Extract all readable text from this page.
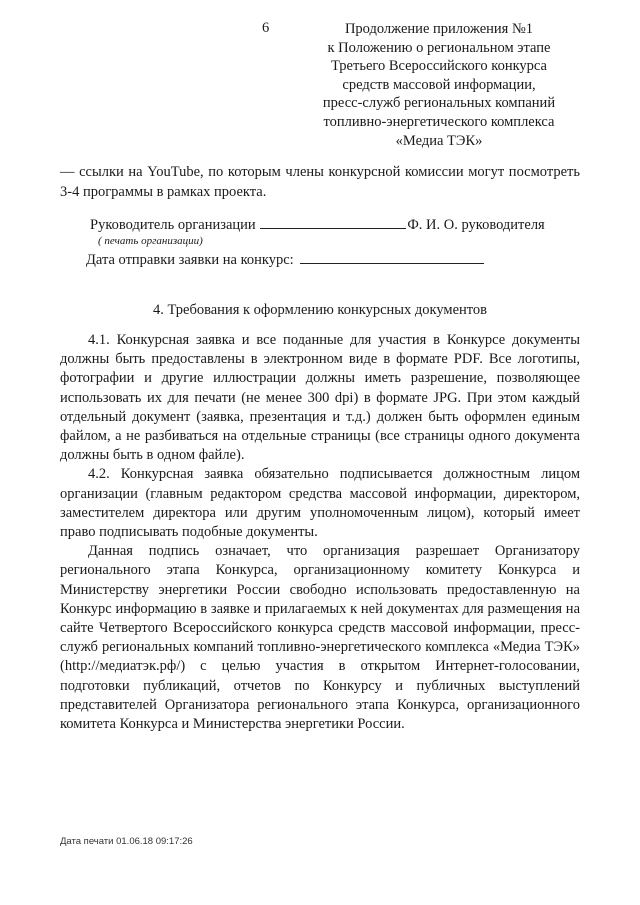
6	Продолжение приложения №1
к Положению о региональном этапе
Третьего Всероссийского конкурса
средств массовой информации,
пресс-служб региональных компаний
топливно-энергетического комплекса
«Медиа ТЭК»
— ссылки на YouTube, по которым члены конкурсной комиссии могут посмотреть 3-4 программы в рамках проекта.
Руководитель организации	Ф. И. О. руководителя
( печать организации)
Дата отправки заявки на конкурс:
4. Требования к оформлению конкурсных документов

4.1. Конкурсная заявка и все поданные для участия в Конкурсе документы должны быть предоставлены в электронном виде в формате PDF. Все логотипы, фотографии и другие иллюстрации должны иметь разрешение, позволяющее использовать их для печати (не менее 300 dpi) в формате JPG. При этом каждый отдельный документ (заявка, презентация и т.д.) должен быть оформлен единым файлом, а не разбиваться на отдельные страницы (все страницы одного документа должны быть в одном файле).

4.2. Конкурсная заявка обязательно подписывается должностным лицом организации (главным редактором средства массовой информации, директором, заместителем директора или другим уполномоченным лицом), который имеет право подписывать подобные документы.

Данная подпись означает, что организация разрешает Организатору регионального этапа Конкурса, организационному комитету Конкурса и Министерству энергетики России свободно использовать предоставленную на Конкурс информацию в заявке и прилагаемых к ней документах для размещения на сайте Четвертого Всероссийского конкурса средств массовой информации, пресс-служб региональных компаний топливно-энергетического комплекса «Медиа ТЭК» (http://медиатэк.рф/) с целью участия в открытом Интернет-голосовании, подготовки публикаций, отчетов по Конкурсу и публичных выступлений представителей Организатора регионального этапа Конкурса, организационного комитета Конкурса и Министерства энергетики России.

Дата печати 01.06.18 09:17:26
